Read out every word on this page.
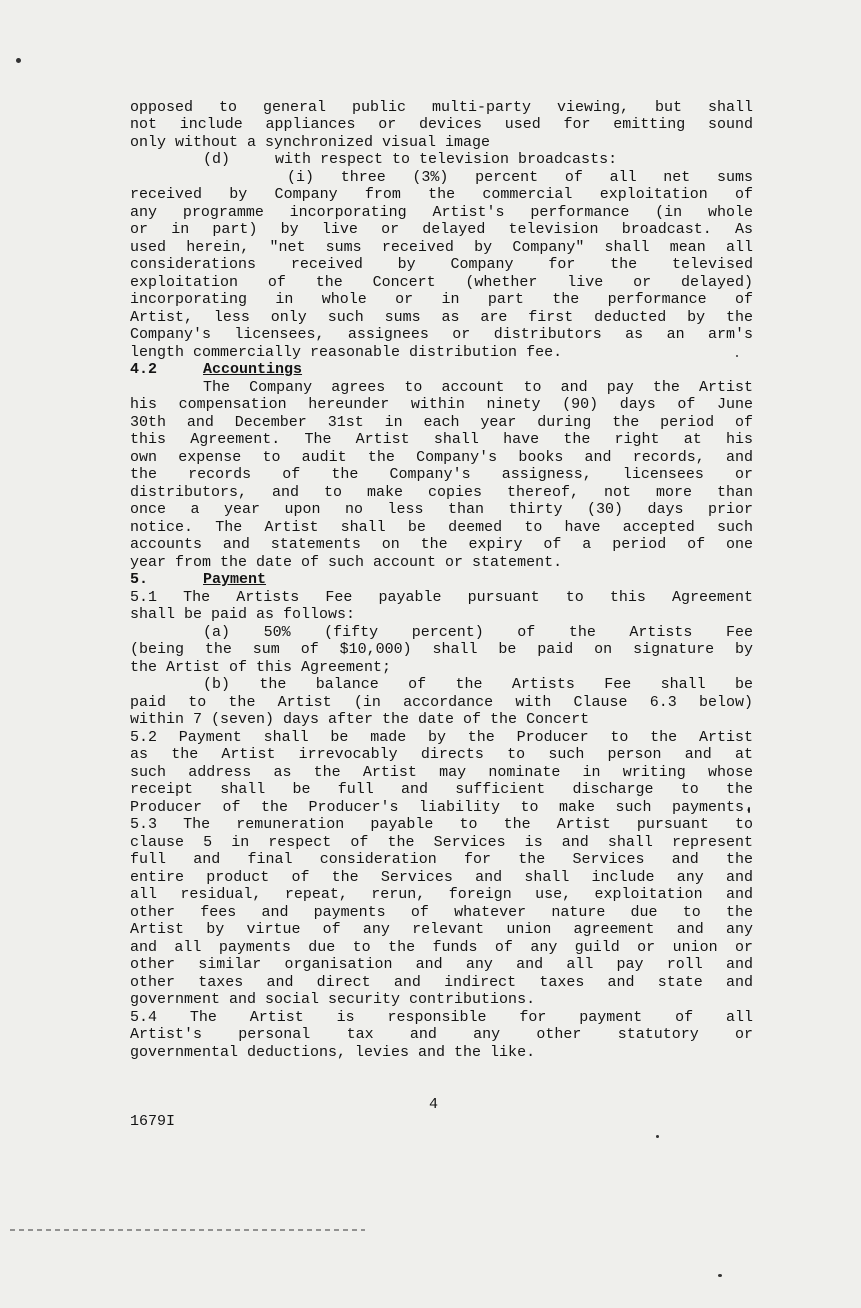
opposed to general public multi-party viewing, but shall
not include appliances or devices used for emitting sound
only without a synchronized visual image
(d)     with respect to television broadcasts:
(i) three (3%) percent of all net sums
received by Company from the commercial exploitation of
any programme incorporating Artist's performance (in whole
or in part) by live or delayed television broadcast. As
used herein, "net sums received by Company" shall mean all
considerations received by Company for the televised
exploitation of the Concert (whether live or delayed)
incorporating in whole or in part the performance of
Artist, less only such sums as are first deducted by the
Company's licensees, assignees or distributors as an arm's
length commercially reasonable distribution fee.
4.2	Accountings
The Company agrees to account to and pay the Artist
his compensation hereunder within ninety (90) days of June
30th and December 31st in each year during the period of
this Agreement. The Artist shall have the right at his
own expense to audit the Company's books and records, and
the records of the Company's assigness, licensees or
distributors, and to make copies thereof, not more than
once a year upon no less than thirty (30) days prior
notice. The Artist shall be deemed to have accepted such
accounts and statements on the expiry of a period of one
year from the date of such account or statement.
5.	Payment
5.1 The Artists Fee payable pursuant to this Agreement
shall be paid as follows:
(a) 50% (fifty percent) of the Artists Fee
(being the sum of $10,000) shall be paid on signature by
the Artist of this Agreement;
(b) the balance of the Artists Fee shall be
paid to the Artist (in accordance with Clause 6.3 below)
within 7 (seven) days after the date of the Concert
5.2 Payment shall be made by the Producer to the Artist
as the Artist irrevocably directs to such person and at
such address as the Artist may nominate in writing whose
receipt shall be full and sufficient discharge to the
Producer of the Producer's liability to make such payments.
5.3 The remuneration payable to the Artist pursuant to
clause 5 in respect of the Services is and shall represent
full and final consideration for the Services and the
entire product of the Services and shall include any and
all residual, repeat, rerun, foreign use, exploitation and
other fees and payments of whatever nature due to the
Artist by virtue of any relevant union agreement and any
and all payments due to the funds of any guild or union or
other similar organisation and any and all pay roll and
other taxes and direct and indirect taxes and state and
government and social security contributions.
5.4 The Artist is responsible for payment of all
Artist's personal tax and any other statutory or
governmental deductions, levies and the like.
4
1679I
